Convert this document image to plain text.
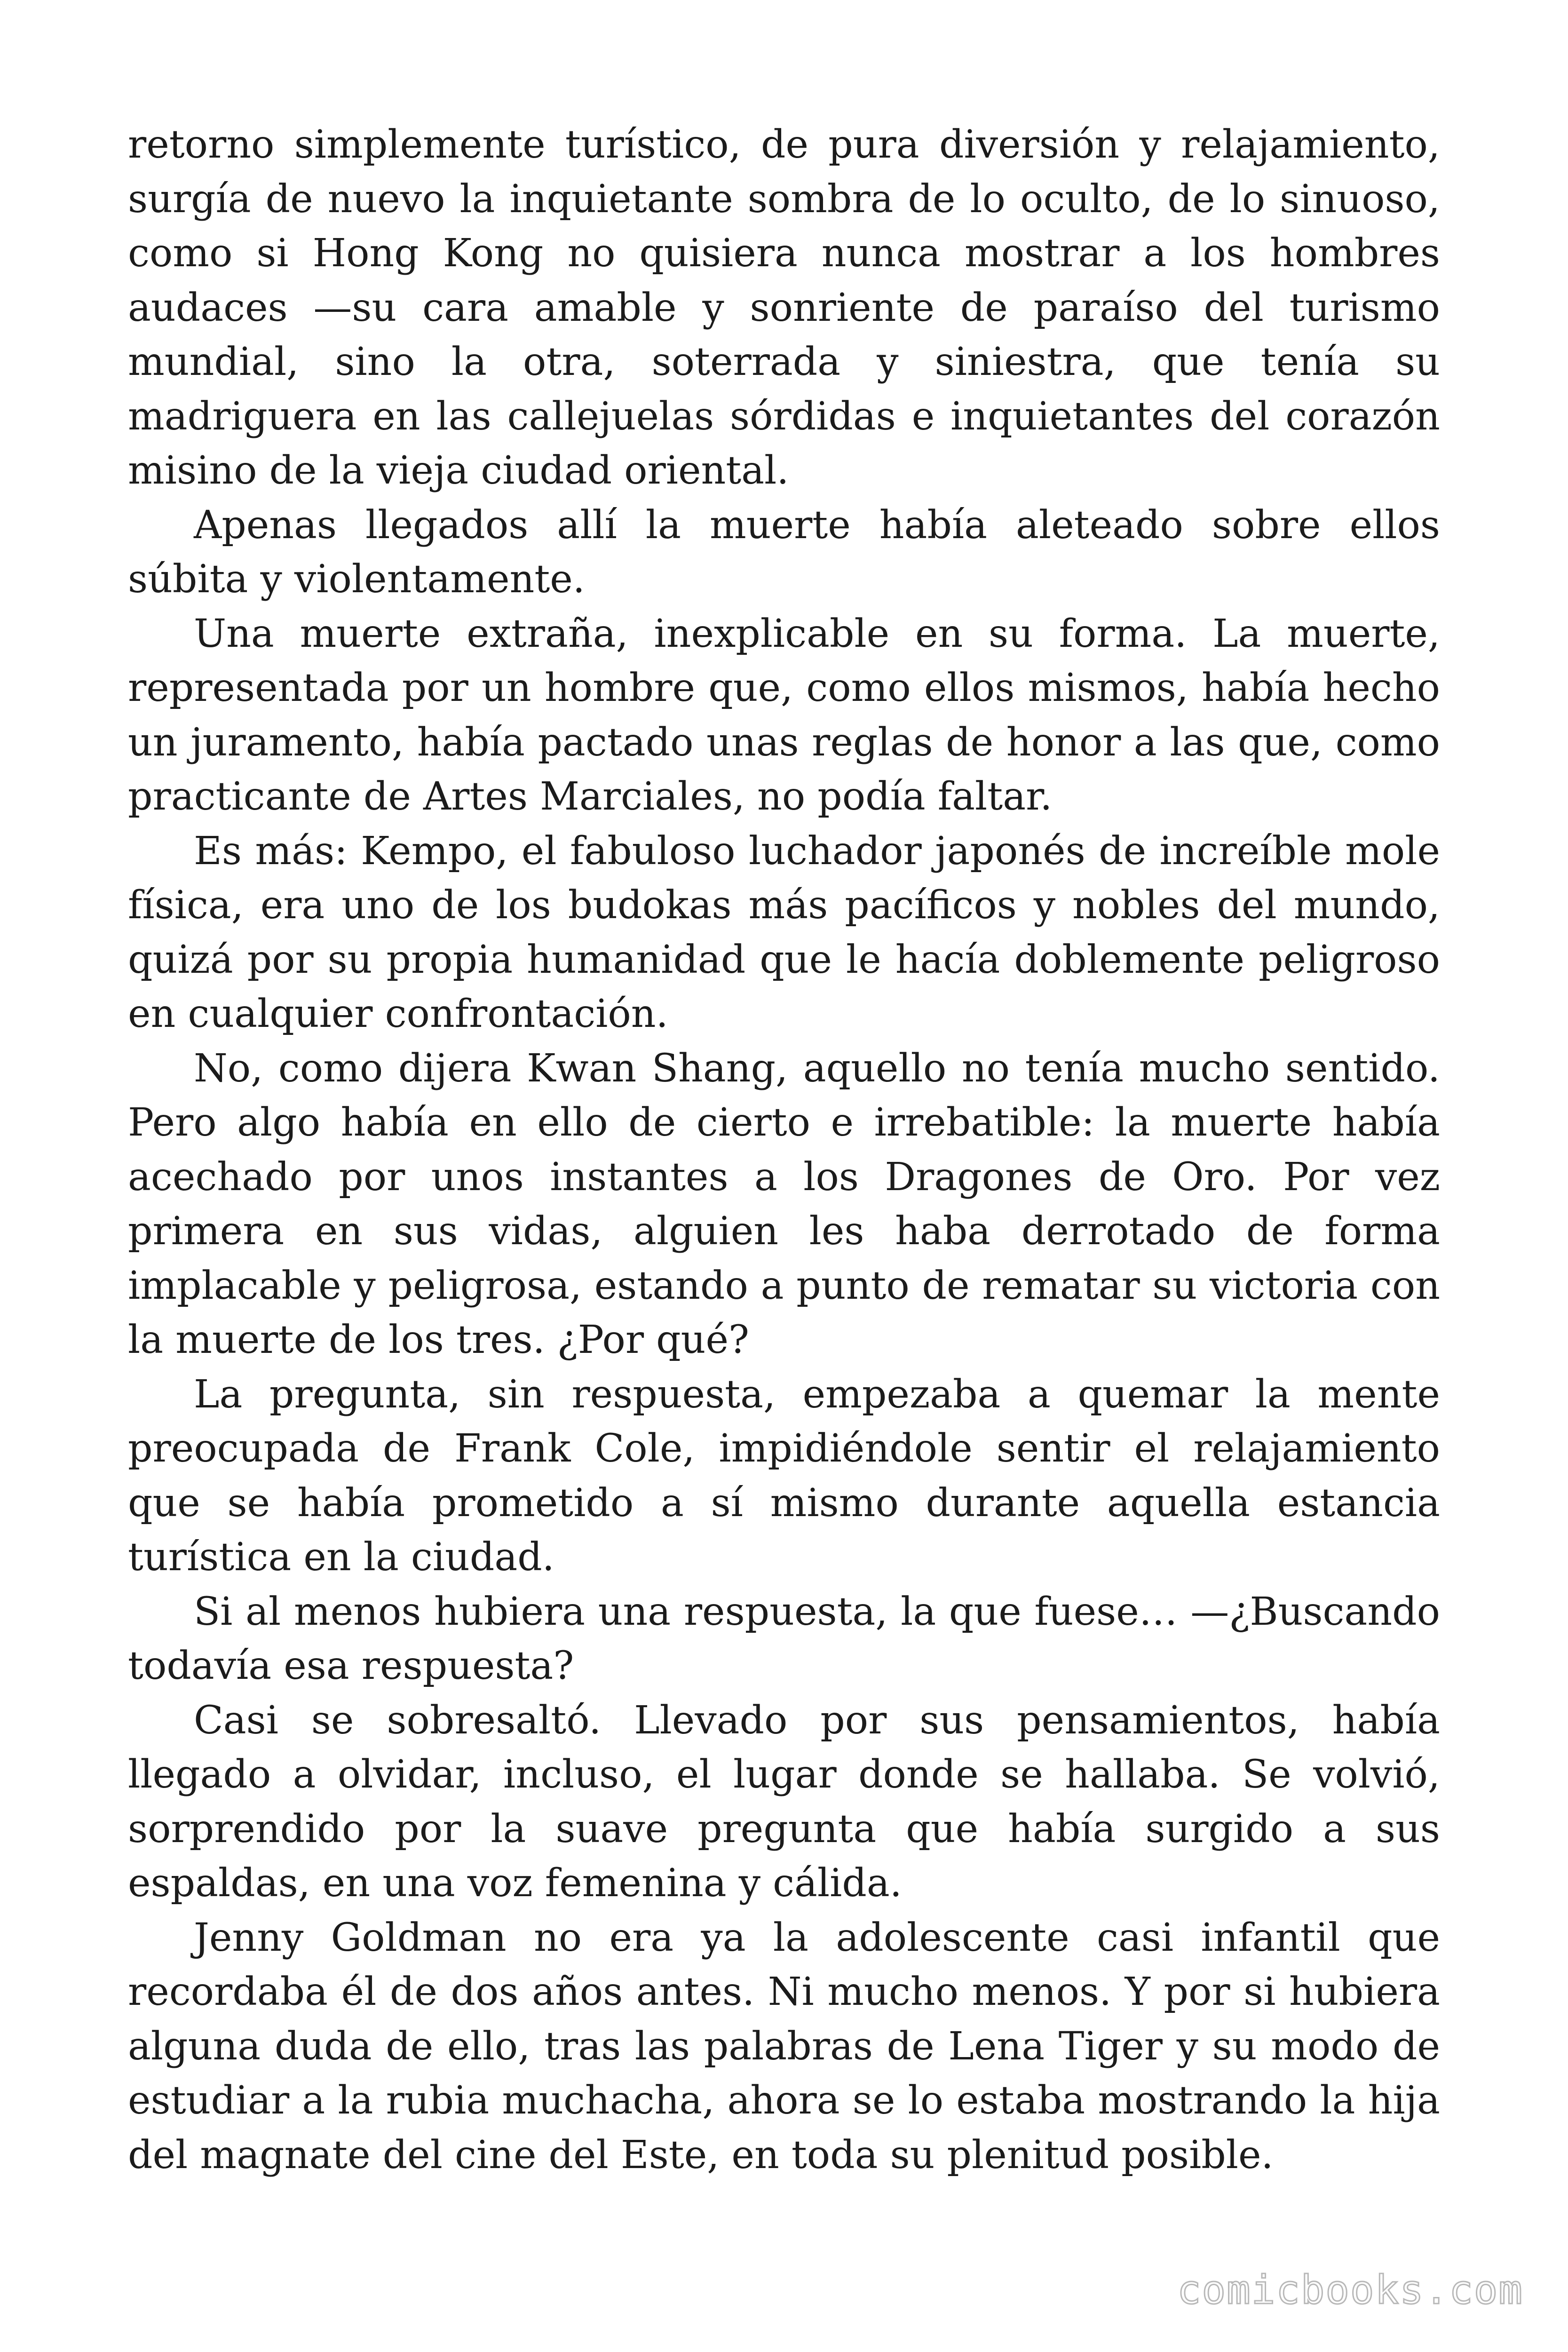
retorno simplemente turístico, de pura diversión y relajamiento, surgía de nuevo la inquietante sombra de lo oculto, de lo sinuoso, como si Hong Kong no quisiera nunca mostrar a los hombres audaces —su cara amable y sonriente de paraíso del turismo mundial, sino la otra, soterrada y siniestra, que tenía su madriguera en las callejuelas sórdidas e inquietantes del corazón misino de la vieja ciudad oriental.

Apenas llegados allí la muerte había aleteado sobre ellos súbita y violentamente.

Una muerte extraña, inexplicable en su forma. La muerte, representada por un hombre que, como ellos mismos, había hecho un juramento, había pactado unas reglas de honor a las que, como practicante de Artes Marciales, no podía faltar.

Es más: Kempo, el fabuloso luchador japonés de increíble mole física, era uno de los budokas más pacíficos y nobles del mundo, quizá por su propia humanidad que le hacía doblemente peligroso en cualquier confrontación.

No, como dijera Kwan Shang, aquello no tenía mucho sentido. Pero algo había en ello de cierto e irrebatible: la muerte había acechado por unos instantes a los Dragones de Oro. Por vez primera en sus vidas, alguien les haba derrotado de forma implacable y peligrosa, estando a punto de rematar su victoria con la muerte de los tres. ¿Por qué?

La pregunta, sin respuesta, empezaba a quemar la mente preocupada de Frank Cole, impidiéndole sentir el relajamiento que se había prometido a sí mismo durante aquella estancia turística en la ciudad.

Si al menos hubiera una respuesta, la que fuese… —¿Buscando todavía esa respuesta?

Casi se sobresaltó. Llevado por sus pensamientos, había llegado a olvidar, incluso, el lugar donde se hallaba. Se volvió, sorprendido por la suave pregunta que había surgido a sus espaldas, en una voz femenina y cálida.

Jenny Goldman no era ya la adolescente casi infantil que recordaba él de dos años antes. Ni mucho menos. Y por si hubiera alguna duda de ello, tras las palabras de Lena Tiger y su modo de estudiar a la rubia muchacha, ahora se lo estaba mostrando la hija del magnate del cine del Este, en toda su plenitud posible.

comicbooks.com
